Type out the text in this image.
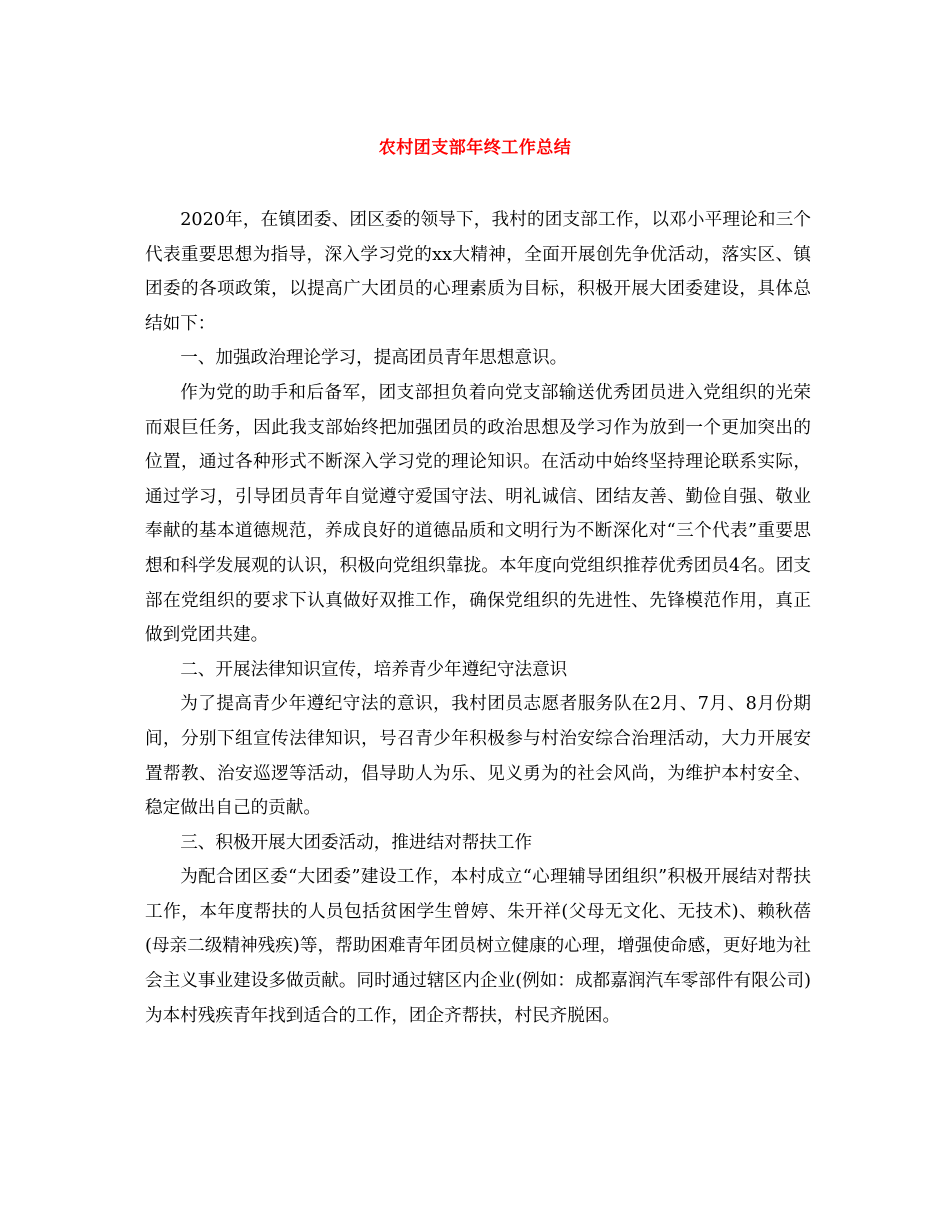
农村团支部年终工作总结

2020年，在镇团委、团区委的领导下，我村的团支部工作，以邓小平理论和三个代表重要思想为指导，深入学习党的xx大精神，全面开展创先争优活动，落实区、镇团委的各项政策，以提高广大团员的心理素质为目标，积极开展大团委建设，具体总结如下：

一、加强政治理论学习，提高团员青年思想意识。

作为党的助手和后备军，团支部担负着向党支部输送优秀团员进入党组织的光荣而艰巨任务，因此我支部始终把加强团员的政治思想及学习作为放到一个更加突出的位置，通过各种形式不断深入学习党的理论知识。在活动中始终坚持理论联系实际，通过学习，引导团员青年自觉遵守爱国守法、明礼诚信、团结友善、勤俭自强、敬业奉献的基本道德规范，养成良好的道德品质和文明行为不断深化对“三个代表”重要思想和科学发展观的认识，积极向党组织靠拢。本年度向党组织推荐优秀团员4名。团支部在党组织的要求下认真做好双推工作，确保党组织的先进性、先锋模范作用，真正做到党团共建。

二、开展法律知识宣传，培养青少年遵纪守法意识

为了提高青少年遵纪守法的意识，我村团员志愿者服务队在2月、7月、8月份期间，分别下组宣传法律知识，号召青少年积极参与村治安综合治理活动，大力开展安置帮教、治安巡逻等活动，倡导助人为乐、见义勇为的社会风尚，为维护本村安全、稳定做出自己的贡献。

三、积极开展大团委活动，推进结对帮扶工作

为配合团区委“大团委”建设工作，本村成立“心理辅导团组织”积极开展结对帮扶工作，本年度帮扶的人员包括贫困学生曾婷、朱开祥(父母无文化、无技术)、赖秋蓓(母亲二级精神残疾)等，帮助困难青年团员树立健康的心理，增强使命感，更好地为社会主义事业建设多做贡献。同时通过辖区内企业(例如：成都嘉润汽车零部件有限公司)为本村残疾青年找到适合的工作，团企齐帮扶，村民齐脱困。
